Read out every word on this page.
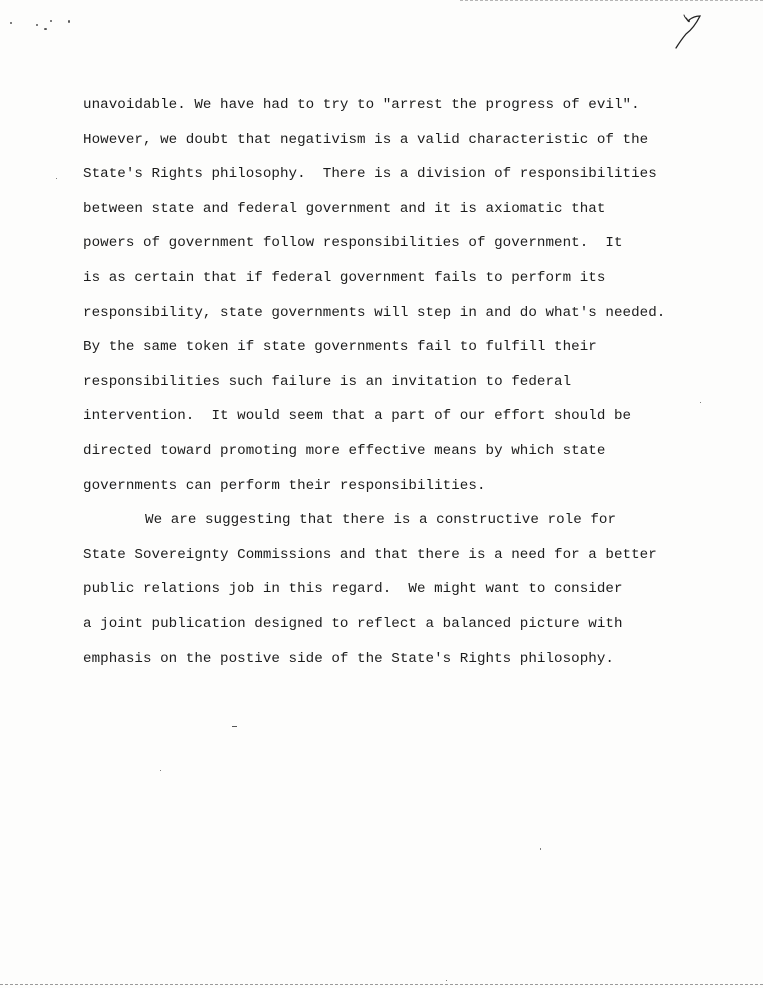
unavoidable. We have had to try to "arrest the progress of evil".
However, we doubt that negativism is a valid characteristic of the
State's Rights philosophy.  There is a division of responsibilities
between state and federal government and it is axiomatic that
powers of government follow responsibilities of government.  It
is as certain that if federal government fails to perform its
responsibility, state governments will step in and do what's needed.
By the same token if state governments fail to fulfill their
responsibilities such failure is an invitation to federal
intervention.  It would seem that a part of our effort should be
directed toward promoting more effective means by which state
governments can perform their responsibilities.
We are suggesting that there is a constructive role for
State Sovereignty Commissions and that there is a need for a better
public relations job in this regard.  We might want to consider
a joint publication designed to reflect a balanced picture with
emphasis on the postive side of the State's Rights philosophy.
